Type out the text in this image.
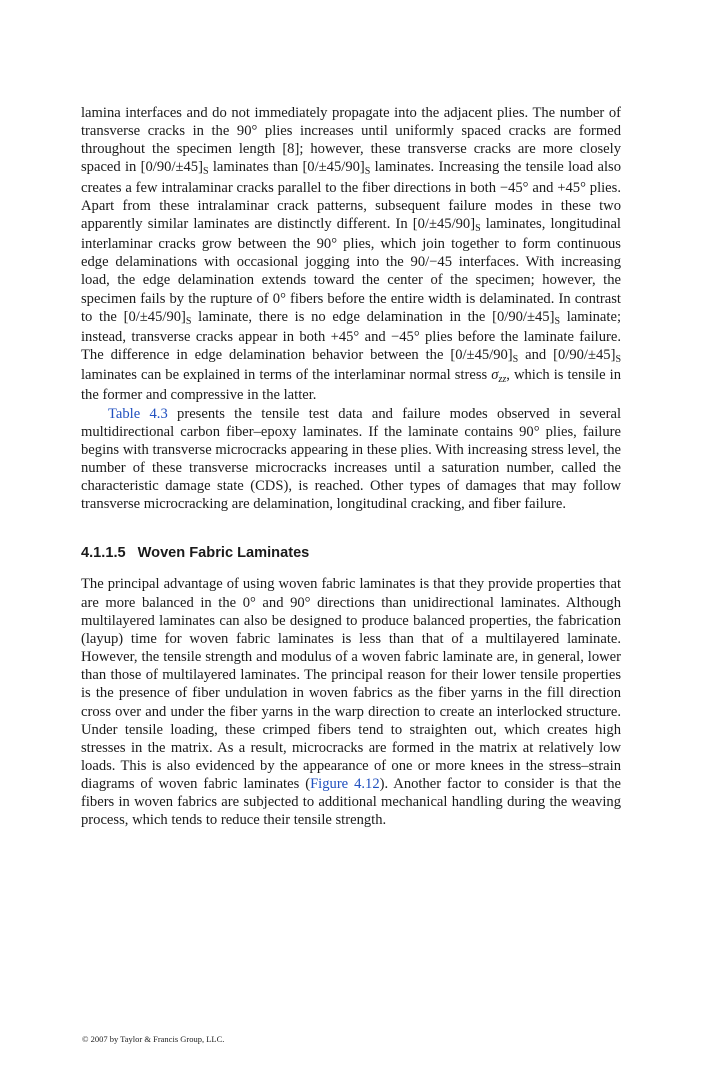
lamina interfaces and do not immediately propagate into the adjacent plies. The number of transverse cracks in the 90° plies increases until uniformly spaced cracks are formed throughout the specimen length [8]; however, these transverse cracks are more closely spaced in $[0/90/\pm 45]_S$ laminates than $[0/\pm 45/90]_S$ laminates. Increasing the tensile load also creates a few intralaminar cracks parallel to the fiber directions in both −45° and +45° plies. Apart from these intralaminar crack patterns, subsequent failure modes in these two apparently similar laminates are distinctly different. In $[0/\pm 45/90]_S$ laminates, longitudinal interlaminar cracks grow between the 90° plies, which join together to form continuous edge delaminations with occasional jogging into the 90/−45 interfaces. With increasing load, the edge delamination extends toward the center of the specimen; however, the specimen fails by the rupture of 0° fibers before the entire width is delaminated. In contrast to the $[0/\pm 45/90]_S$ laminate, there is no edge delamination in the $[0/90/\pm 45]_S$ laminate; instead, transverse cracks appear in both +45° and −45° plies before the laminate failure. The difference in edge delamination behavior between the $[0/\pm 45/90]_S$ and $[0/90/\pm 45]_S$ laminates can be explained in terms of the interlaminar normal stress $\sigma_{zz}$, which is tensile in the former and compressive in the latter.

Table 4.3 presents the tensile test data and failure modes observed in several multidirectional carbon fiber–epoxy laminates. If the laminate contains 90° plies, failure begins with transverse microcracks appearing in these plies. With increasing stress level, the number of these transverse microcracks increases until a saturation number, called the characteristic damage state (CDS), is reached. Other types of damages that may follow transverse microcracking are delamination, longitudinal cracking, and fiber failure.

4.1.1.5 Woven Fabric Laminates

The principal advantage of using woven fabric laminates is that they provide properties that are more balanced in the 0° and 90° directions than unidirectional laminates. Although multilayered laminates can also be designed to produce balanced properties, the fabrication (layup) time for woven fabric laminates is less than that of a multilayered laminate. However, the tensile strength and modulus of a woven fabric laminate are, in general, lower than those of multilayered laminates. The principal reason for their lower tensile properties is the presence of fiber undulation in woven fabrics as the fiber yarns in the fill direction cross over and under the fiber yarns in the warp direction to create an interlocked structure. Under tensile loading, these crimped fibers tend to straighten out, which creates high stresses in the matrix. As a result, microcracks are formed in the matrix at relatively low loads. This is also evidenced by the appearance of one or more knees in the stress–strain diagrams of woven fabric laminates (Figure 4.12). Another factor to consider is that the fibers in woven fabrics are subjected to additional mechanical handling during the weaving process, which tends to reduce their tensile strength.

© 2007 by Taylor & Francis Group, LLC.
